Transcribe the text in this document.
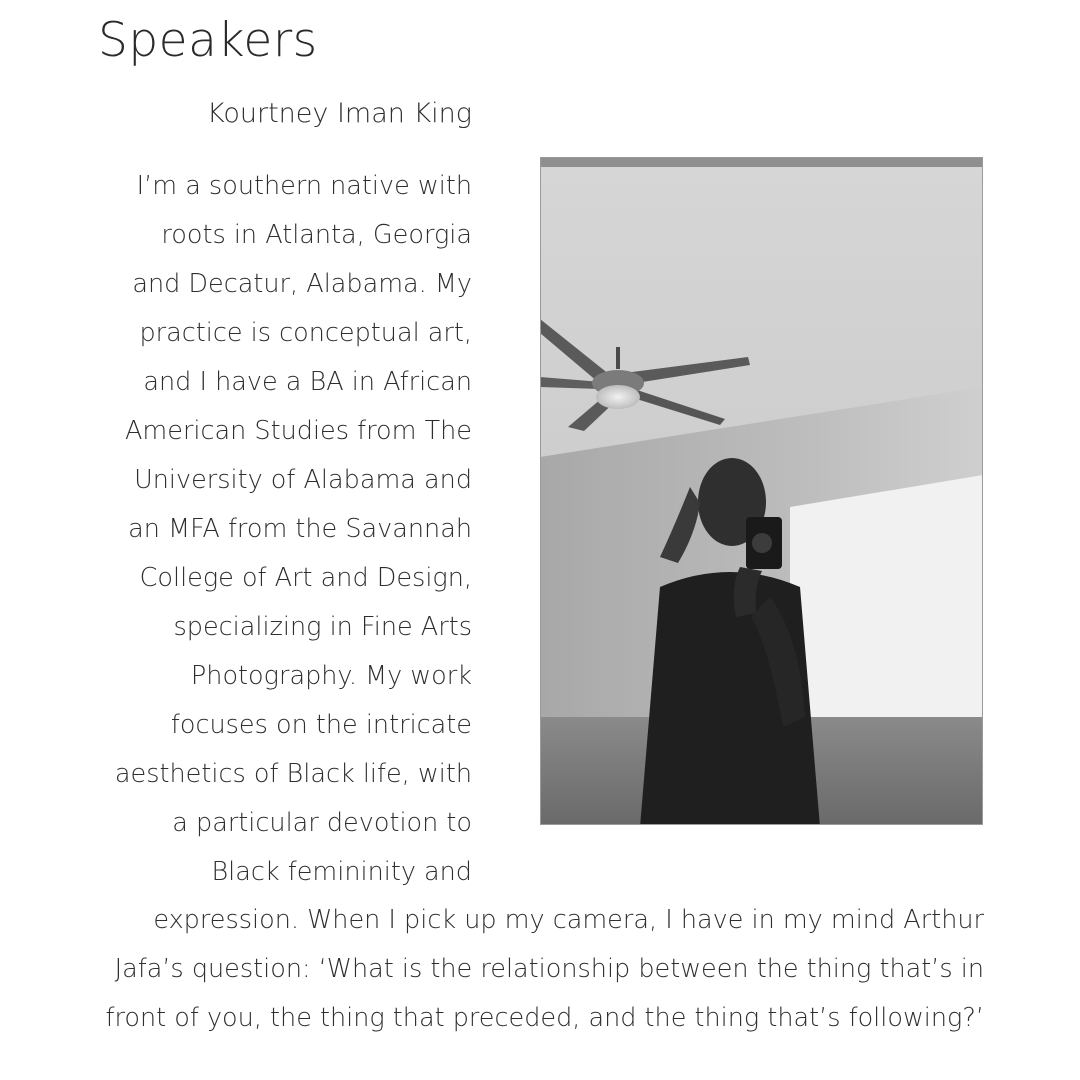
Speakers
Kourtney Iman King
I’m a southern native with
roots in Atlanta, Georgia
and Decatur, Alabama. My
practice is conceptual art,
and I have a BA in African
American Studies from The
University of Alabama and
an MFA from the Savannah
College of Art and Design,
specializing in Fine Arts
Photography. My work
focuses on the intricate
aesthetics of Black life, with
a particular devotion to
Black femininity and
expression. When I pick up my camera, I have in my mind Arthur
Jafa’s question: ‘What is the relationship between the thing that’s in
front of you, the thing that preceded, and the thing that’s following?’
